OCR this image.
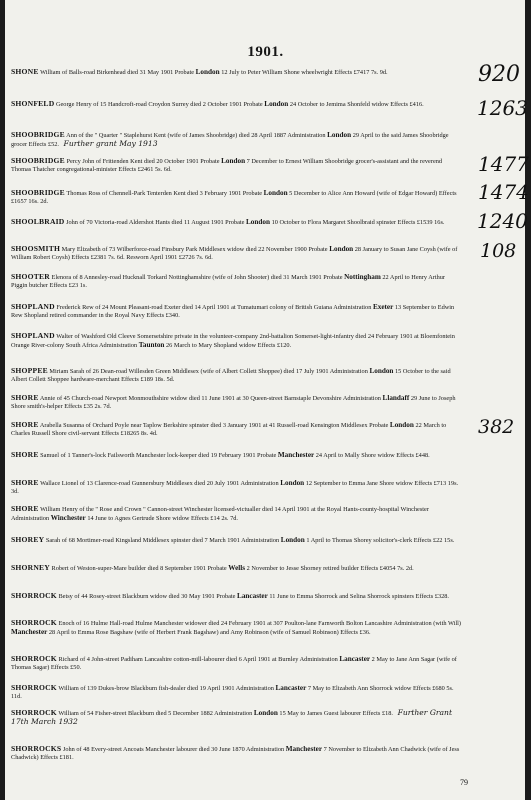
1901.
SHONE William of Balls-road Birkenhead died 31 May 1901 Probate London 12 July to Peter William Shone wheelwright Effects £7417 7s. 9d.
SHONFELD George Henry of 15 Handcroft-road Croydon Surrey died 2 October 1901 Probate London 24 October to Jemima Shonfeld widow Effects £416.
SHOOBRIDGE Ann of the " Quarter " Staplehurst Kent (wife of James Shoobridge) died 28 April 1887 Administration London 29 April to the said James Shoobridge grocer Effects £52. Further grant May 1913
SHOOBRIDGE Percy John of Frittenden Kent died 20 October 1901 Probate London 7 December to Ernest William Shoobridge grocer's-assistant and the reverend Thomas Thatcher congregational-minister Effects £2461 5s. 6d.
SHOOBRIDGE Thomas Ross of Chennell-Park Tenterden Kent died 3 February 1901 Probate London 5 December to Alice Ann Howard (wife of Edgar Howard) Effects £1657 16s. 2d.
SHOOLBRAID John of 70 Victoria-road Aldershot Hants died 11 August 1901 Probate London 10 October to Flora Margaret Shoolbraid spinster Effects £1539 16s.
SHOOSMITH Mary Elizabeth of 73 Wilberforce-road Finsbury Park Middlesex widow died 22 November 1900 Probate London 28 January to Susan Jane Coysh (wife of William Robert Coysh) Effects £2381 7s. 6d. Resworn April 1901 £2726 7s. 6d.
SHOOTER Elenora of 8 Annesley-road Hucknall Torkard Nottinghamshire (wife of John Shooter) died 31 March 1901 Probate Nottingham 22 April to Henry Arthur Piggin butcher Effects £23 1s.
SHOPLAND Frederick Rew of 24 Mount Pleasant-road Exeter died 14 April 1901 at Tumatumari colony of British Guiana Administration Exeter 13 September to Edwin Rew Shopland retired commander in the Royal Navy Effects £340.
SHOPLAND Walter of Washford Old Cleeve Somersetshire private in the volunteer-company 2nd-battalion Somerset-light-infantry died 24 February 1901 at Bloemfontein Orange River-colony South Africa Administration Taunton 26 March to Mary Shopland widow Effects £120.
SHOPPEE Miriam Sarah of 26 Dean-road Willesden Green Middlesex (wife of Albert Collett Shoppee) died 17 July 1901 Administration London 15 October to the said Albert Collett Shoppee hardware-merchant Effects £189 18s. 5d.
SHORE Annie of 45 Church-road Newport Monmouthshire widow died 11 June 1901 at 30 Queen-street Barnstaple Devonshire Administration Llandaff 29 June to Joseph Shore smith's-helper Effects £35 2s. 7d.
SHORE Arabella Susanna of Orchard Poyle near Taplow Berkshire spinster died 3 January 1901 at 41 Russell-road Kensington Middlesex Probate London 22 March to Charles Russell Shore civil-servant Effects £18265 8s. 4d.
SHORE Samuel of 1 Tanner's-lock Failsworth Manchester lock-keeper died 19 February 1901 Probate Manchester 24 April to Mally Shore widow Effects £448.
SHORE Wallace Lionel of 13 Clarence-road Gunnersbury Middlesex died 20 July 1901 Administration London 12 September to Emma Jane Shore widow Effects £713 19s. 3d.
SHORE William Henry of the " Rose and Crown " Cannon-street Winchester licensed-victualler died 14 April 1901 at the Royal Hants-county-hospital Winchester Administration Winchester 14 June to Agnes Gertrude Shore widow Effects £14 2s. 7d.
SHOREY Sarah of 68 Mortimer-road Kingsland Middlesex spinster died 7 March 1901 Administration London 1 April to Thomas Shorey solicitor's-clerk Effects £22 15s.
SHORNEY Robert of Weston-super-Mare builder died 8 September 1901 Probate Wells 2 November to Jesse Shorney retired builder Effects £4054 7s. 2d.
SHORROCK Betsy of 44 Rosey-street Blackburn widow died 30 May 1901 Probate Lancaster 11 June to Emma Shorrock and Selina Shorrock spinsters Effects £328.
SHORROCK Enoch of 16 Hulme Hall-road Hulme Manchester widower died 24 February 1901 at 307 Poulton-lane Farnworth Bolton Lancashire Administration (with Will) Manchester 28 April to Emma Rose Bagshaw (wife of Herbert Frank Bagshaw) and Amy Robinson (wife of Samuel Robinson) Effects £36.
SHORROCK Richard of 4 John-street Padiham Lancashire cotton-mill-labourer died 6 April 1901 at Burnley Administration Lancaster 2 May to Jane Ann Sagar (wife of Thomas Sagar) Effects £50.
SHORROCK William of 139 Dukes-brow Blackburn fish-dealer died 19 April 1901 Administration Lancaster 7 May to Elizabeth Ann Shorrock widow Effects £680 5s. 11d.
SHORROCK William of 54 Fisher-street Blackburn died 5 December 1882 Administration London 15 May to James Guest labourer Effects £18. Further Grant 17th March 1932
SHORROCKS John of 48 Every-street Ancoats Manchester labourer died 30 June 1870 Administration Manchester 7 November to Elizabeth Ann Chadwick (wife of Jess Chadwick) Effects £181.
920
1263
1477
1474
1240
108
382
79
